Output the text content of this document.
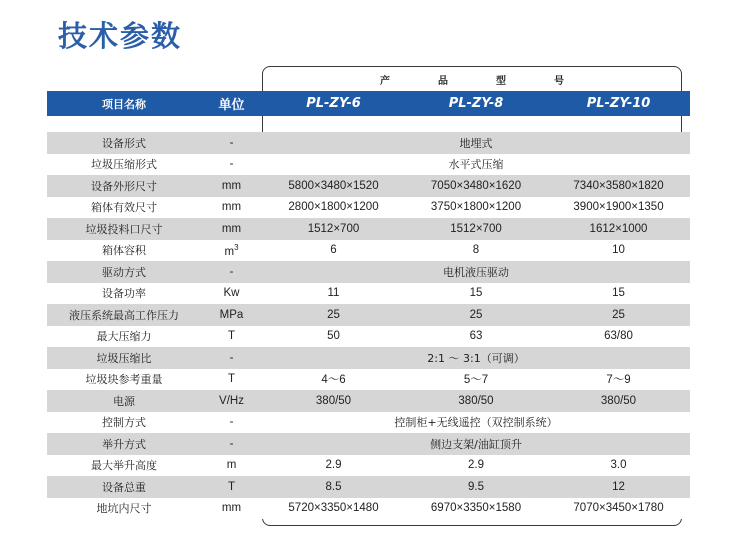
技术参数
产	品	型	号
项目名称	单位	PL-ZY-6	PL-ZY-8	PL-ZY-10
设备形式	-	地埋式
垃圾压缩形式	-	水平式压缩
设备外形尺寸	mm	5800×3480×1520	7050×3480×1620	7340×3580×1820
箱体有效尺寸	mm	2800×1800×1200	3750×1800×1200	3900×1900×1350
垃圾投料口尺寸	mm	1512×700	1512×700	1612×1000
箱体容积	$m^3$	6	8	10
驱动方式	-	电机液压驱动
设备功率	Kw	11	15	15
液压系统最高工作压力	MPa	25	25	25
最大压缩力	T	50	63	63/80
垃圾压缩比	-	2:1 ～ 3:1（可调）
垃圾块参考重量	T	4～6	5～7	7～9
电源	V/Hz	380/50	380/50	380/50
控制方式	-	控制柜+无线遥控（双控制系统）
举升方式	-	侧边支架/油缸顶升
最大举升高度	m	2.9	2.9	3.0
设备总重	T	8.5	9.5	12
地坑内尺寸	mm	5720×3350×1480	6970×3350×1580	7070×3450×1780
